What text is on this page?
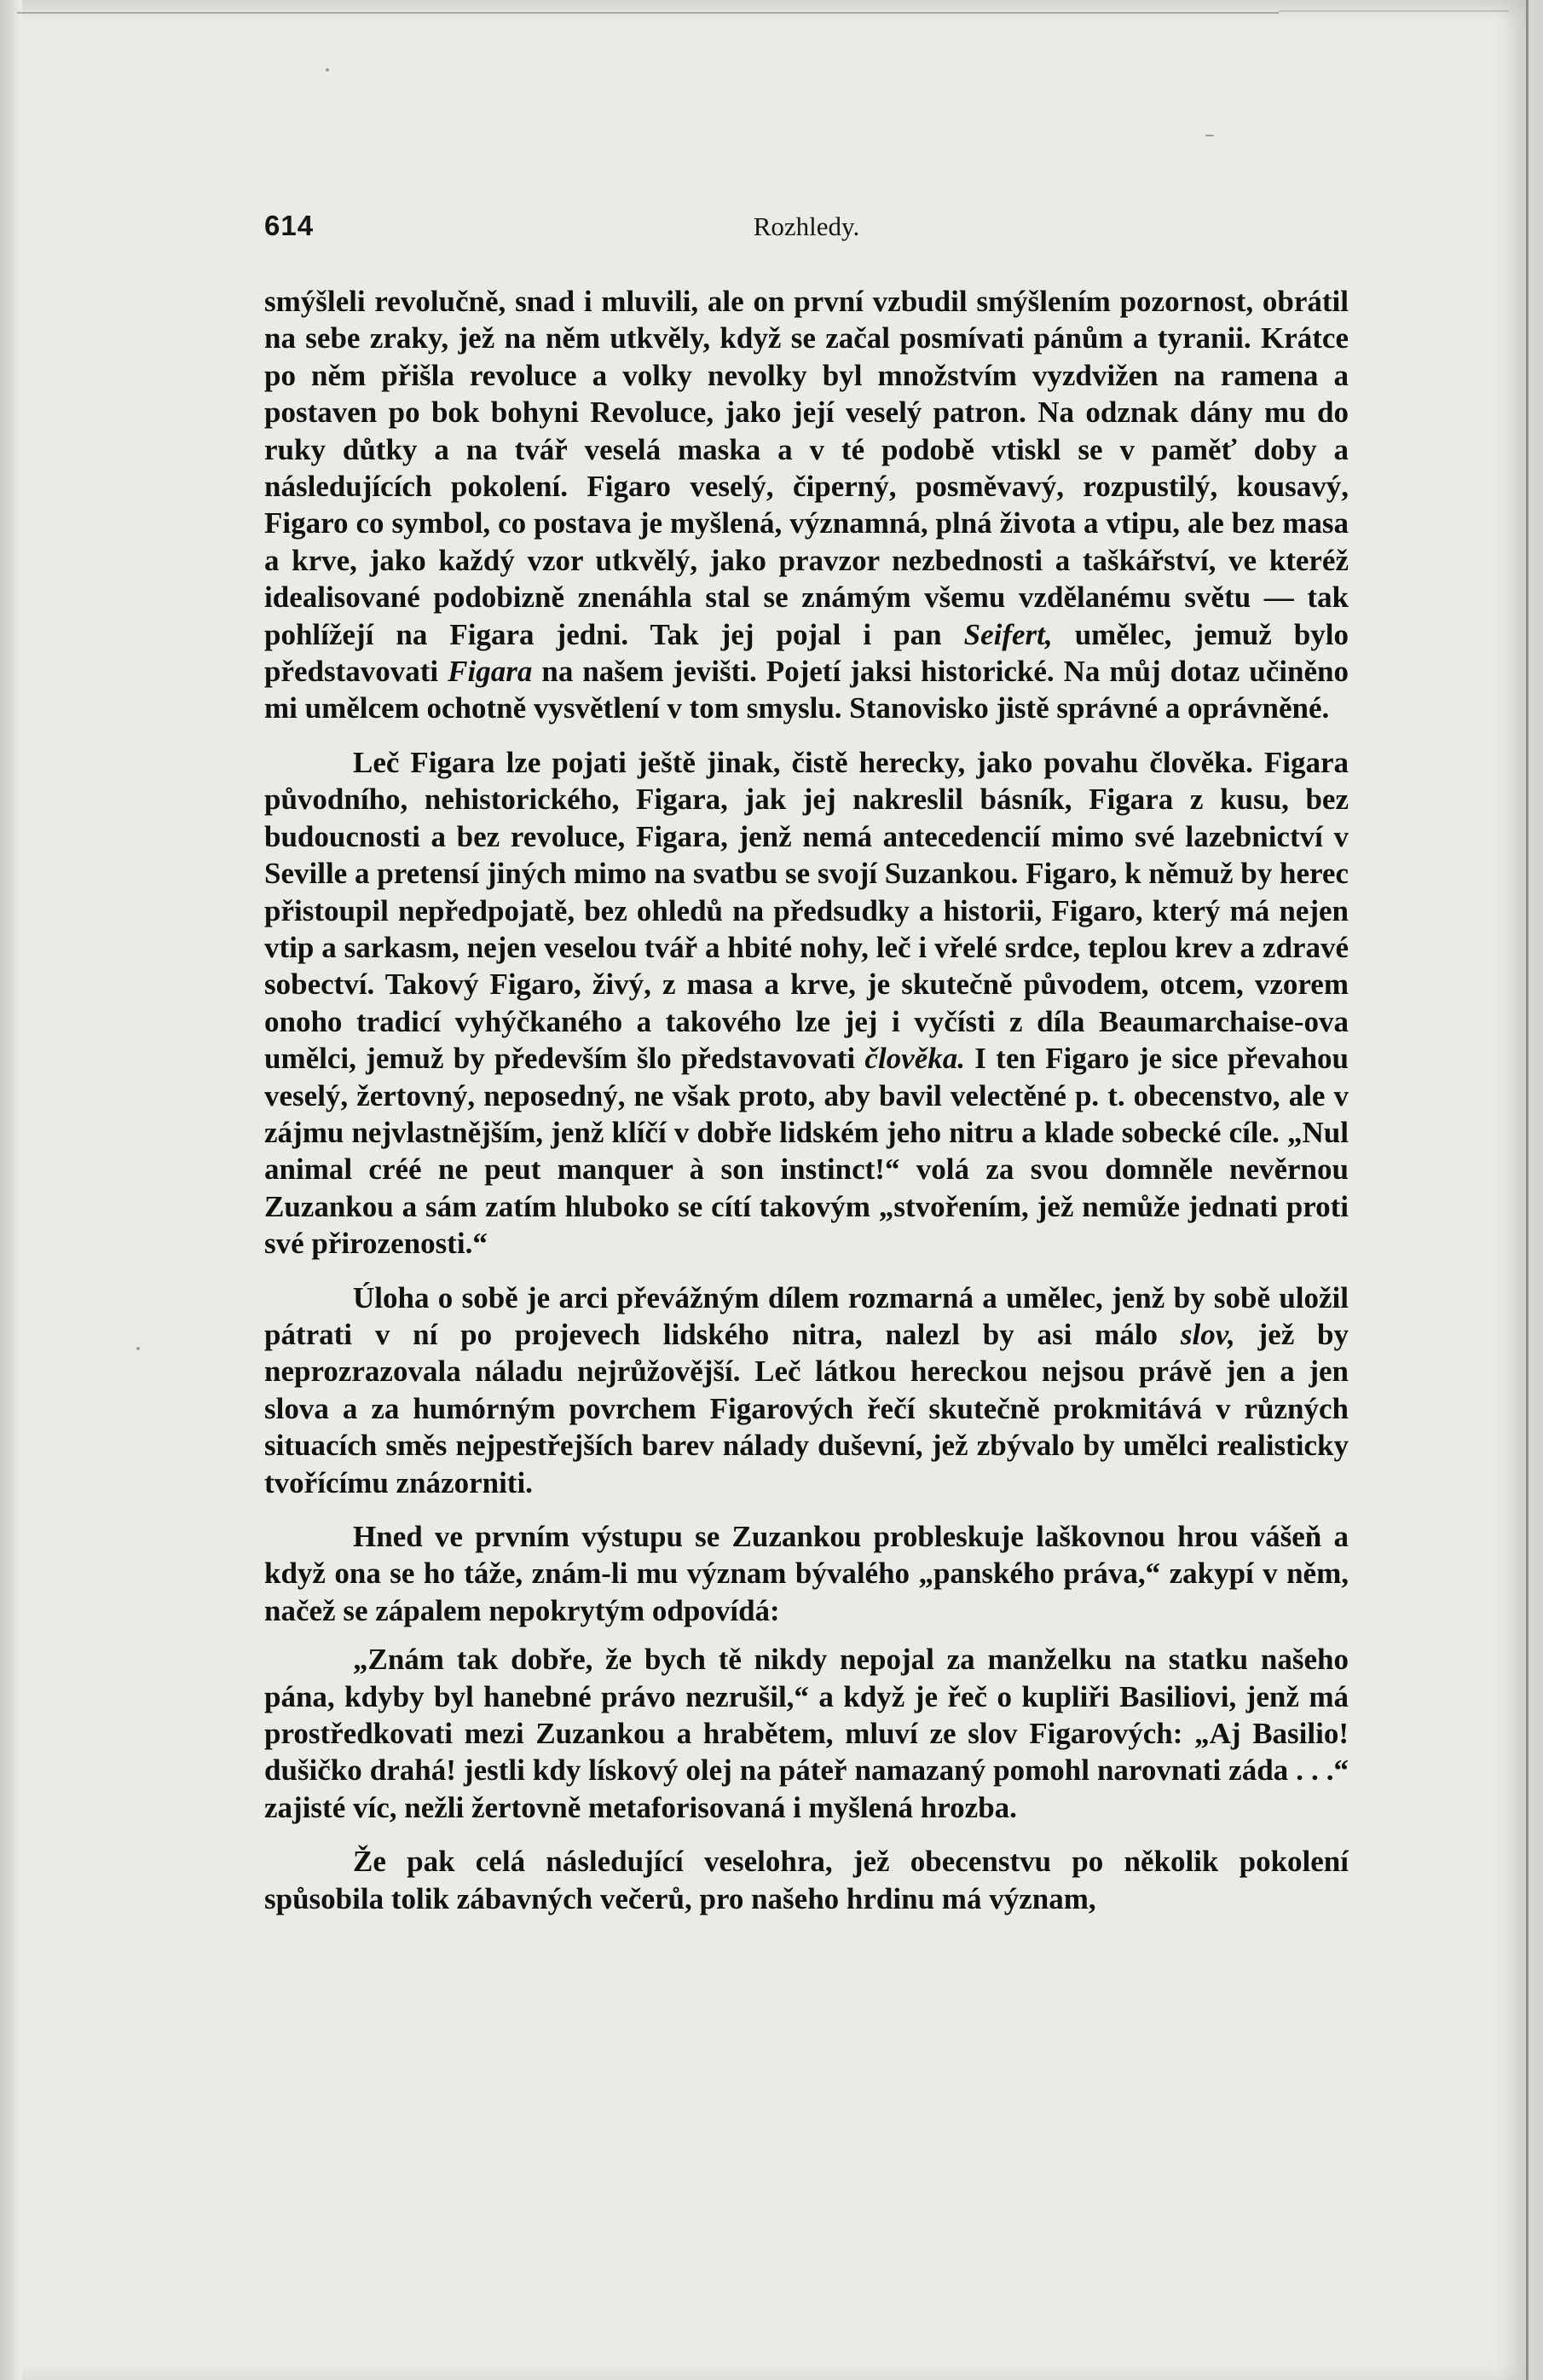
614	Rozhledy.

smýšleli revolučně, snad i mluvili, ale on první vzbudil smýšlením pozornost, obrátil na sebe zraky, jež na něm utkvěly, když se začal posmívati pánům a tyranii. Krátce po něm přišla revoluce a volky nevolky byl množstvím vyzdvižen na ramena a postaven po bok bohyni Revoluce, jako její veselý patron. Na odznak dány mu do ruky důtky a na tvář veselá maska a v té podobě vtiskl se v paměť doby a následujících pokolení. Figaro veselý, čiperný, posměvavý, rozpustilý, kousavý, Figaro co symbol, co postava je myšlená, významná, plná života a vtipu, ale bez masa a krve, jako každý vzor utkvělý, jako pravzor nezbednosti a taškářství, ve kteréž idealisované podobizně znenáhla stal se známým všemu vzdělanému světu — tak pohlížejí na Figara jedni. Tak jej pojal i pan Seifert, umělec, jemuž bylo představovati Figara na našem jevišti. Pojetí jaksi historické. Na můj dotaz učiněno mi umělcem ochotně vysvětlení v tom smyslu. Stanovisko jistě správné a oprávněné.

Leč Figara lze pojati ještě jinak, čistě herecky, jako povahu člověka. Figara původního, nehistorického, Figara, jak jej nakreslil básník, Figara z kusu, bez budoucnosti a bez revoluce, Figara, jenž nemá antecedencií mimo své lazebnictví v Seville a pretensí jiných mimo na svatbu se svojí Suzankou. Figaro, k němuž by herec přistoupil nepředpojatě, bez ohledů na předsudky a historii, Figaro, který má nejen vtip a sarkasm, nejen veselou tvář a hbité nohy, leč i vřelé srdce, teplou krev a zdravé sobectví. Takový Figaro, živý, z masa a krve, je skutečně původem, otcem, vzorem onoho tradicí vyhýčkaného a takového lze jej i vyčísti z díla Beaumarchaise-ova umělci, jemuž by především šlo představovati člověka. I ten Figaro je sice převahou veselý, žertovný, neposedný, ne však proto, aby bavil velectěné p. t. obecenstvo, ale v zájmu nejvlastnějším, jenž klíčí v dobře lidském jeho nitru a klade sobecké cíle. „Nul animal créé ne peut manquer à son instinct!“ volá za svou domněle nevěrnou Zuzankou a sám zatím hluboko se cítí takovým „stvořením, jež nemůže jednati proti své přirozenosti.“

Úloha o sobě je arci převážným dílem rozmarná a umělec, jenž by sobě uložil pátrati v ní po projevech lidského nitra, nalezl by asi málo slov, jež by neprozrazovala náladu nejrůžovější. Leč látkou hereckou nejsou právě jen a jen slova a za humórným povrchem Figarových řečí skutečně prokmitává v různých situacích směs nejpestřejších barev nálady duševní, jež zbývalo by umělci realisticky tvořícímu znázorniti.

Hned ve prvním výstupu se Zuzankou probleskuje laškovnou hrou vášeň a když ona se ho táže, znám-li mu význam bývalého „panského práva,“ zakypí v něm, načež se zápalem nepokrytým odpovídá:

„Znám tak dobře, že bych tě nikdy nepojal za manželku na statku našeho pána, kdyby byl hanebné právo nezrušil,“ a když je řeč o kupliři Basiliovi, jenž má prostředkovati mezi Zuzankou a hrabětem, mluví ze slov Figarových: „Aj Basilio! dušičko drahá! jestli kdy lískový olej na páteř namazaný pomohl narovnati záda . . .“ zajisté víc, nežli žertovně metaforisovaná i myšlená hrozba.

Že pak celá následující veselohra, jež obecenstvu po několik pokolení spůsobila tolik zábavných večerů, pro našeho hrdinu má význam,
